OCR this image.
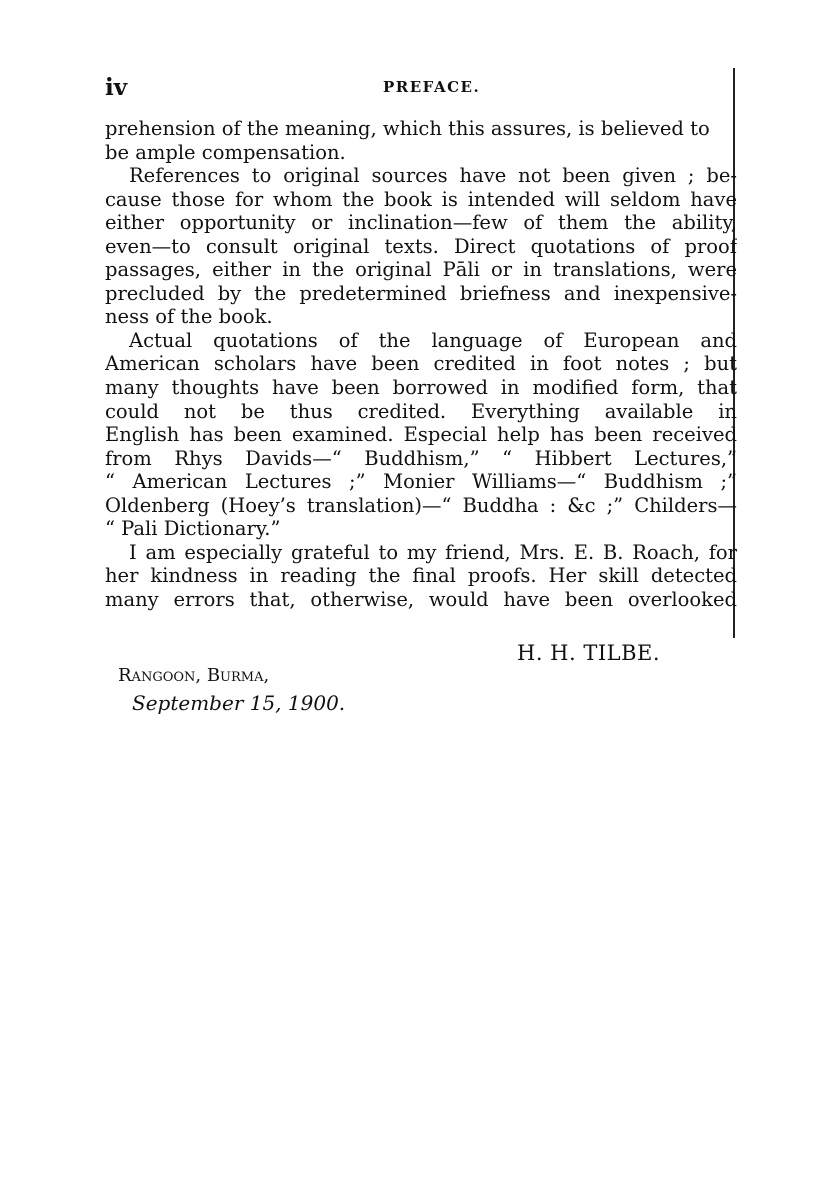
iv	PREFACE.
prehension of the meaning, which this assures, is believed to
be ample compensation.
References to original sources have not been given ; be-
cause those for whom the book is intended will seldom have
either opportunity or inclination—few of them the ability,
even—to consult original texts. Direct quotations of proof
passages, either in the original Pāli or in translations, were
precluded by the predetermined briefness and inexpensive-
ness of the book.
Actual quotations of the language of European and
American scholars have been credited in foot notes ; but
many thoughts have been borrowed in modified form, that
could not be thus credited. Everything available in
English has been examined. Especial help has been received
from Rhys Davids—“ Buddhism,” “ Hibbert Lectures,”
“ American Lectures ;” Monier Williams—“ Buddhism ;”
Oldenberg (Hoey’s translation)—“ Buddha : &c ;” Childers—
“ Pali Dictionary.”
I am especially grateful to my friend, Mrs. E. B. Roach, for
her kindness in reading the final proofs. Her skill detected
many errors that, otherwise, would have been overlooked
H. H. TILBE.
Rangoon, Burma,
September 15, 1900.
